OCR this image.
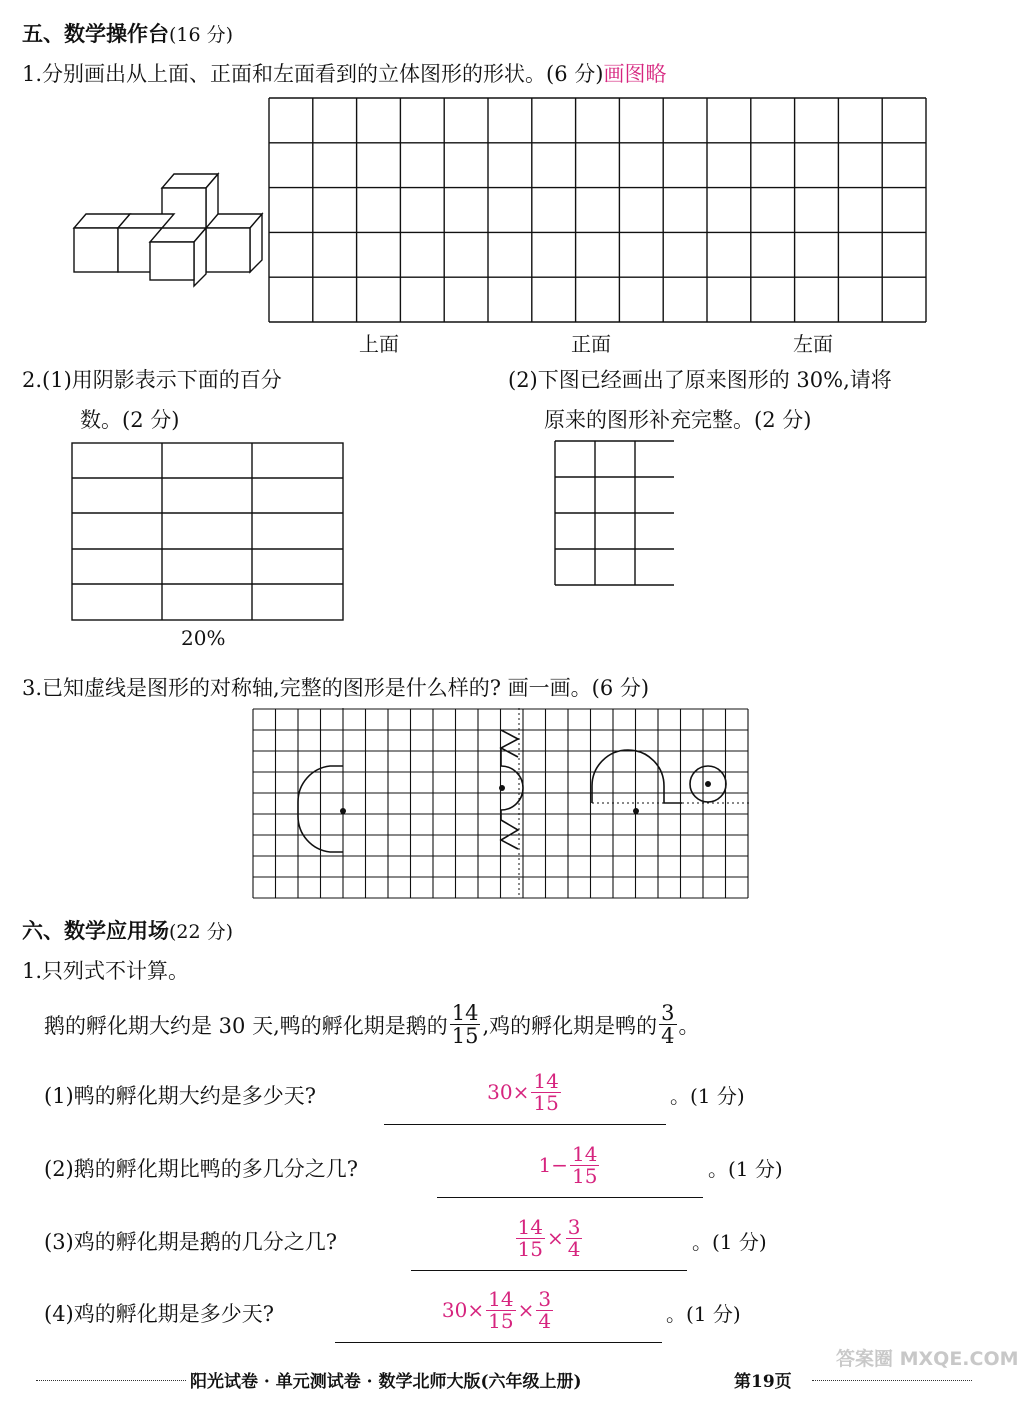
五、数学操作台(16 分)
1.分别画出从上面、正面和左面看到的立体图形的形状。(6 分)画图略
上面	正面	左面
2.(1)用阴影表示下面的百分
数。(2 分)
(2)下图已经画出了原来图形的 30%,请将
原来的图形补充完整。(2 分)
20%
3.已知虚线是图形的对称轴,完整的图形是什么样的? 画一画。(6 分)
六、数学应用场(22 分)
1.只列式不计算。
鹅的孵化期大约是 30 天,鸭的孵化期是鹅的 $\frac{14}{15}$ ,鸡的孵化期是鸭的 $\frac{3}{4}$ 。
(1)鸭的孵化期大约是多少天?	$30\times \frac{14}{15}$	。(1 分)
(2)鹅的孵化期比鸭的多几分之几?	$1- \frac{14}{15}$	。(1 分)
(3)鸡的孵化期是鹅的几分之几?	$\frac{14}{15} \times \frac{3}{4}$	。(1 分)
(4)鸡的孵化期是多少天?	$30\times \frac{14}{15} \times \frac{3}{4}$	。(1 分)
阳光试卷 · 单元测试卷 · 数学北师大版(六年级上册)	第19页
答案圈 MXQE.COM
